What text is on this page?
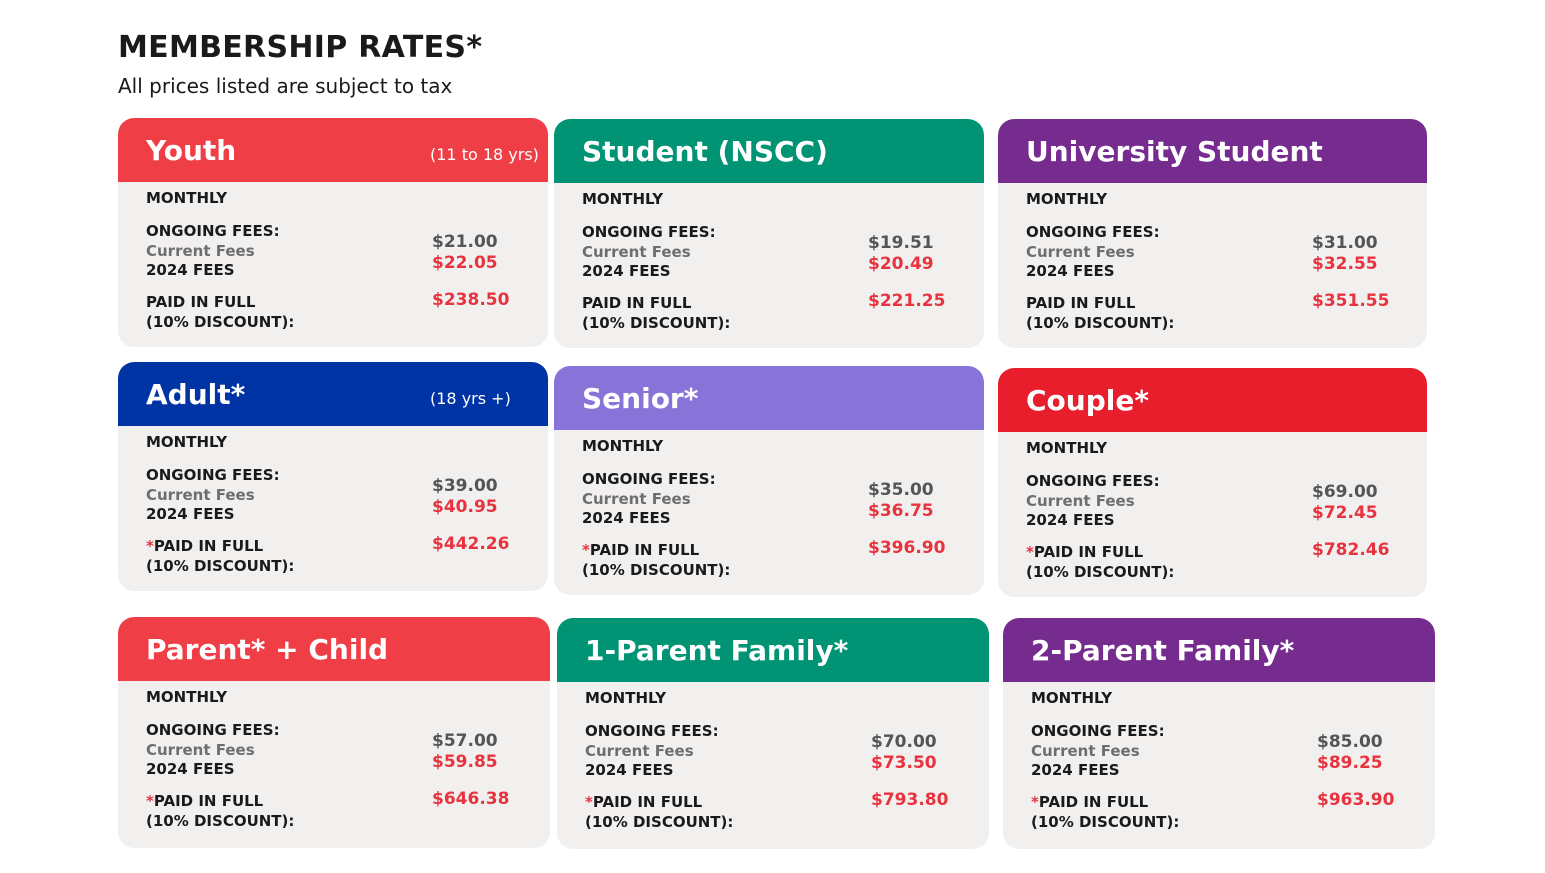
MEMBERSHIP RATES*

All prices listed are subject to tax

Youth	(11 to 18 yrs)
MONTHLY
ONGOING FEES:
Current Fees
2024 FEES
PAID IN FULL
(10% DISCOUNT):
$21.00
$22.05
$238.50
Student (NSCC)
MONTHLY
ONGOING FEES:
Current Fees
2024 FEES
PAID IN FULL
(10% DISCOUNT):
$19.51
$20.49
$221.25
University Student
MONTHLY
ONGOING FEES:
Current Fees
2024 FEES
PAID IN FULL
(10% DISCOUNT):
$31.00
$32.55
$351.55
Adult*	(18 yrs +)
MONTHLY
ONGOING FEES:
Current Fees
2024 FEES
*PAID IN FULL
(10% DISCOUNT):
$39.00
$40.95
$442.26
Senior*
MONTHLY
ONGOING FEES:
Current Fees
2024 FEES
*PAID IN FULL
(10% DISCOUNT):
$35.00
$36.75
$396.90
Couple*
MONTHLY
ONGOING FEES:
Current Fees
2024 FEES
*PAID IN FULL
(10% DISCOUNT):
$69.00
$72.45
$782.46
Parent* + Child
MONTHLY
ONGOING FEES:
Current Fees
2024 FEES
*PAID IN FULL
(10% DISCOUNT):
$57.00
$59.85
$646.38
1-Parent Family*
MONTHLY
ONGOING FEES:
Current Fees
2024 FEES
*PAID IN FULL
(10% DISCOUNT):
$70.00
$73.50
$793.80
2-Parent Family*
MONTHLY
ONGOING FEES:
Current Fees
2024 FEES
*PAID IN FULL
(10% DISCOUNT):
$85.00
$89.25
$963.90
